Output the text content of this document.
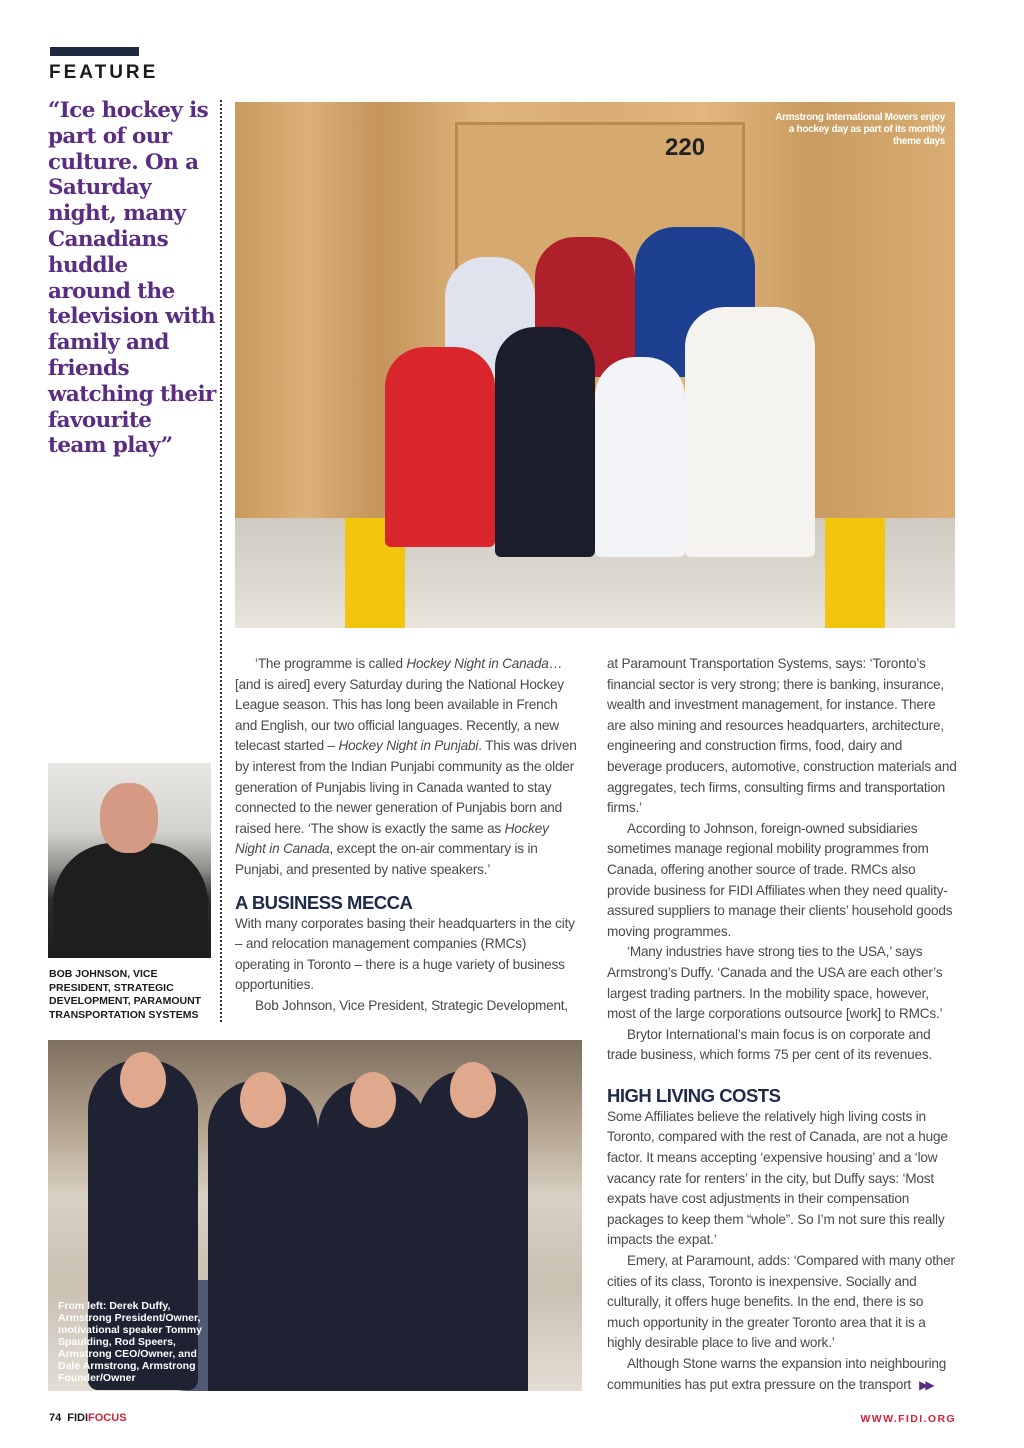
FEATURE
“Ice hockey is part of our culture. On a Saturday night, many Canadians huddle around the television with family and friends watching their favourite team play”
220
Armstrong International Movers enjoy a hockey day as part of its monthly theme days
BOB JOHNSON, VICE PRESIDENT, STRATEGIC DEVELOPMENT, PARAMOUNT TRANSPORTATION SYSTEMS
From left: Derek Duffy, Armstrong President/Owner, motivational speaker Tommy Spaulding, Rod Speers, Armstrong CEO/Owner, and Dale Armstrong, Armstrong Founder/Owner

‘The programme is called Hockey Night in Canada… [and is aired] every Saturday during the National Hockey League season. This has long been available in French and English, our two official languages. Recently, a new telecast started – Hockey Night in Punjabi. This was driven by interest from the Indian Punjabi community as the older generation of Punjabis living in Canada wanted to stay connected to the newer generation of Punjabis born and raised here. ‘The show is exactly the same as Hockey Night in Canada, except the on-air commentary is in Punjabi, and presented by native speakers.’

A BUSINESS MECCA

With many corporates basing their headquarters in the city – and relocation management companies (RMCs) operating in Toronto – there is a huge variety of business opportunities.

Bob Johnson, Vice President, Strategic Development,

at Paramount Transportation Systems, says: ‘Toronto’s financial sector is very strong; there is banking, insurance, wealth and investment management, for instance. There are also mining and resources headquarters, architecture, engineering and construction firms, food, dairy and beverage producers, automotive, construction materials and aggregates, tech firms, consulting firms and transportation firms.’

According to Johnson, foreign-owned subsidiaries sometimes manage regional mobility programmes from Canada, offering another source of trade. RMCs also provide business for FIDI Affiliates when they need quality-assured suppliers to manage their clients’ household goods moving programmes.

‘Many industries have strong ties to the USA,’ says Armstrong’s Duffy. ‘Canada and the USA are each other’s largest trading partners. In the mobility space, however, most of the large corporations outsource [work] to RMCs.’

Brytor International’s main focus is on corporate and trade business, which forms 75 per cent of its revenues.

HIGH LIVING COSTS

Some Affiliates believe the relatively high living costs in Toronto, compared with the rest of Canada, are not a huge factor. It means accepting ‘expensive housing’ and a ‘low vacancy rate for renters’ in the city, but Duffy says: ‘Most expats have cost adjustments in their compensation packages to keep them “whole”. So I’m not sure this really impacts the expat.’

Emery, at Paramount, adds: ‘Compared with many other cities of its class, Toronto is inexpensive. Socially and culturally, it offers huge benefits. In the end, there is so much opportunity in the greater Toronto area that it is a highly desirable place to live and work.’

Although Stone warns the expansion into neighbouring communities has put extra pressure on the transport ▶▶

74 FIDIFOCUS	WWW.FIDI.ORG
